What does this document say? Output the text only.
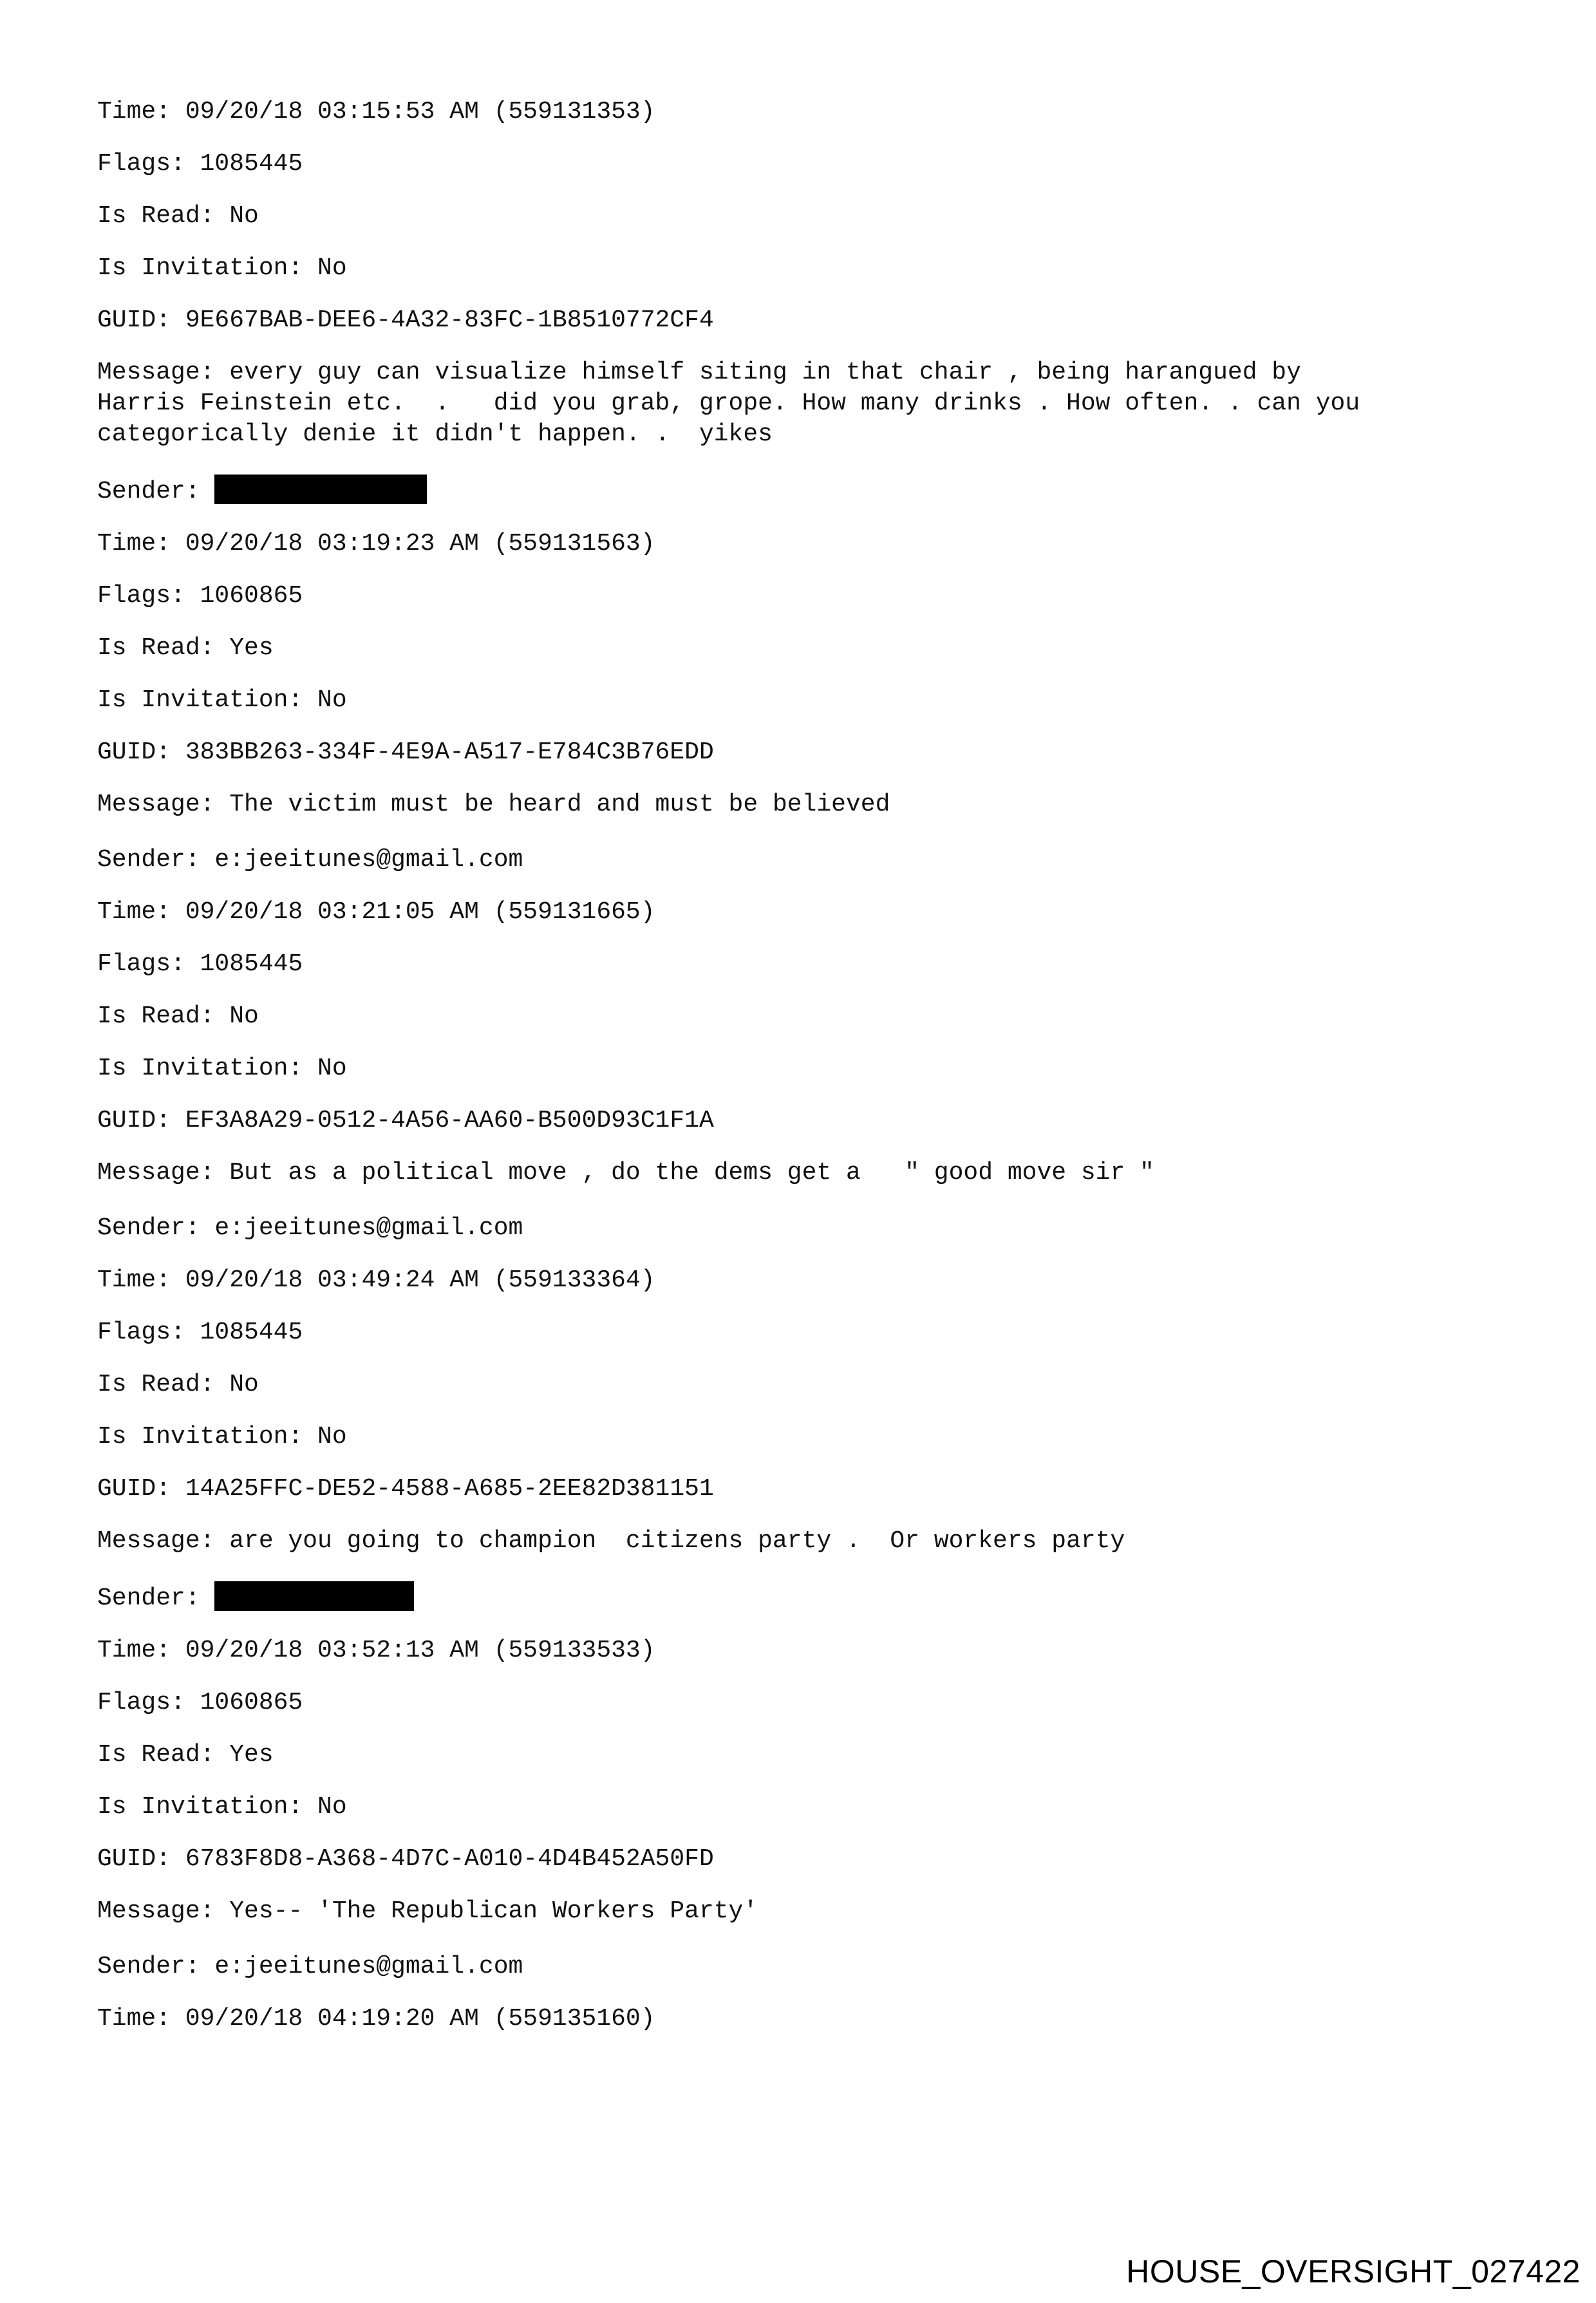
Time: 09/20/18 03:15:53 AM (559131353)
Flags: 1085445
Is Read: No
Is Invitation: No
GUID: 9E667BAB-DEE6-4A32-83FC-1B8510772CF4
Message: every guy can visualize himself siting in that chair , being harangued by
Harris Feinstein etc.  .   did you grab, grope. How many drinks . How often. . can you
categorically denie it didn't happen. .  yikes
Sender:
Time: 09/20/18 03:19:23 AM (559131563)
Flags: 1060865
Is Read: Yes
Is Invitation: No
GUID: 383BB263-334F-4E9A-A517-E784C3B76EDD
Message: The victim must be heard and must be believed
Sender: e:jeeitunes@gmail.com
Time: 09/20/18 03:21:05 AM (559131665)
Flags: 1085445
Is Read: No
Is Invitation: No
GUID: EF3A8A29-0512-4A56-AA60-B500D93C1F1A
Message: But as a political move , do the dems get a   " good move sir "
Sender: e:jeeitunes@gmail.com
Time: 09/20/18 03:49:24 AM (559133364)
Flags: 1085445
Is Read: No
Is Invitation: No
GUID: 14A25FFC-DE52-4588-A685-2EE82D381151
Message: are you going to champion  citizens party .  Or workers party
Sender:
Time: 09/20/18 03:52:13 AM (559133533)
Flags: 1060865
Is Read: Yes
Is Invitation: No
GUID: 6783F8D8-A368-4D7C-A010-4D4B452A50FD
Message: Yes-- 'The Republican Workers Party'
Sender: e:jeeitunes@gmail.com
Time: 09/20/18 04:19:20 AM (559135160)
HOUSE_OVERSIGHT_027422
